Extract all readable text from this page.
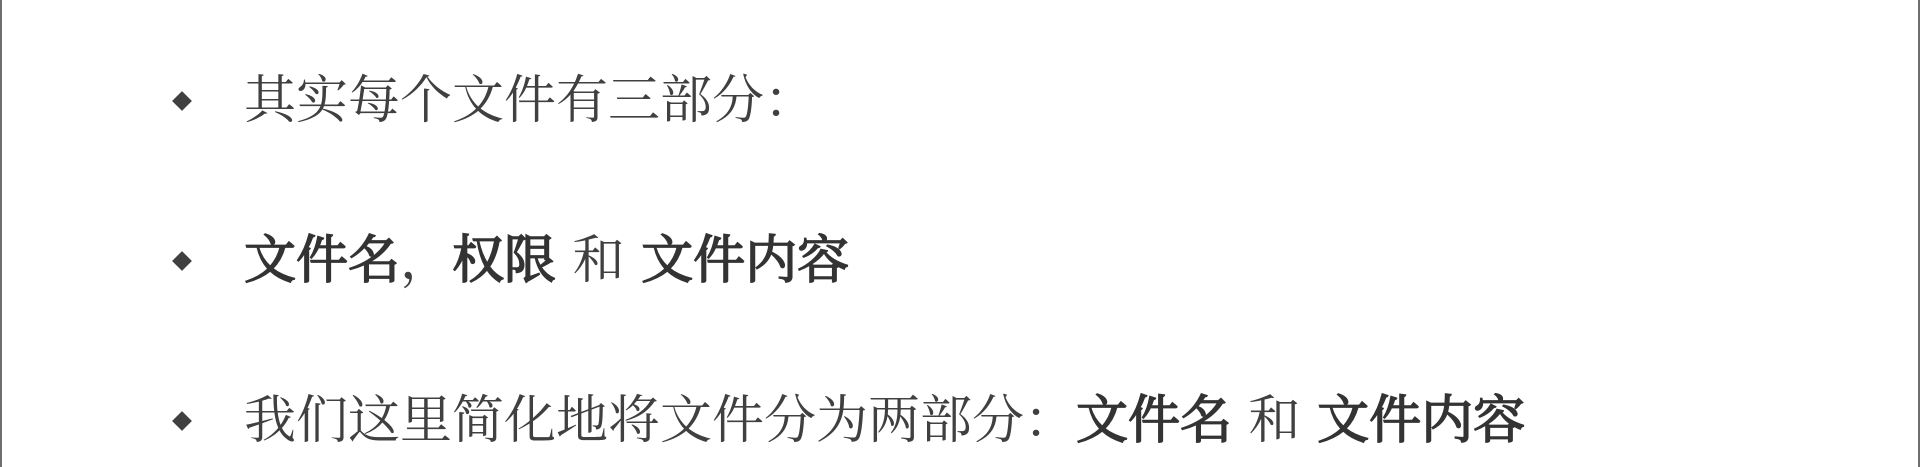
其实每个文件有三部分：
文件名，权限 和 文件内容
我们这里简化地将文件分为两部分：文件名 和 文件内容
